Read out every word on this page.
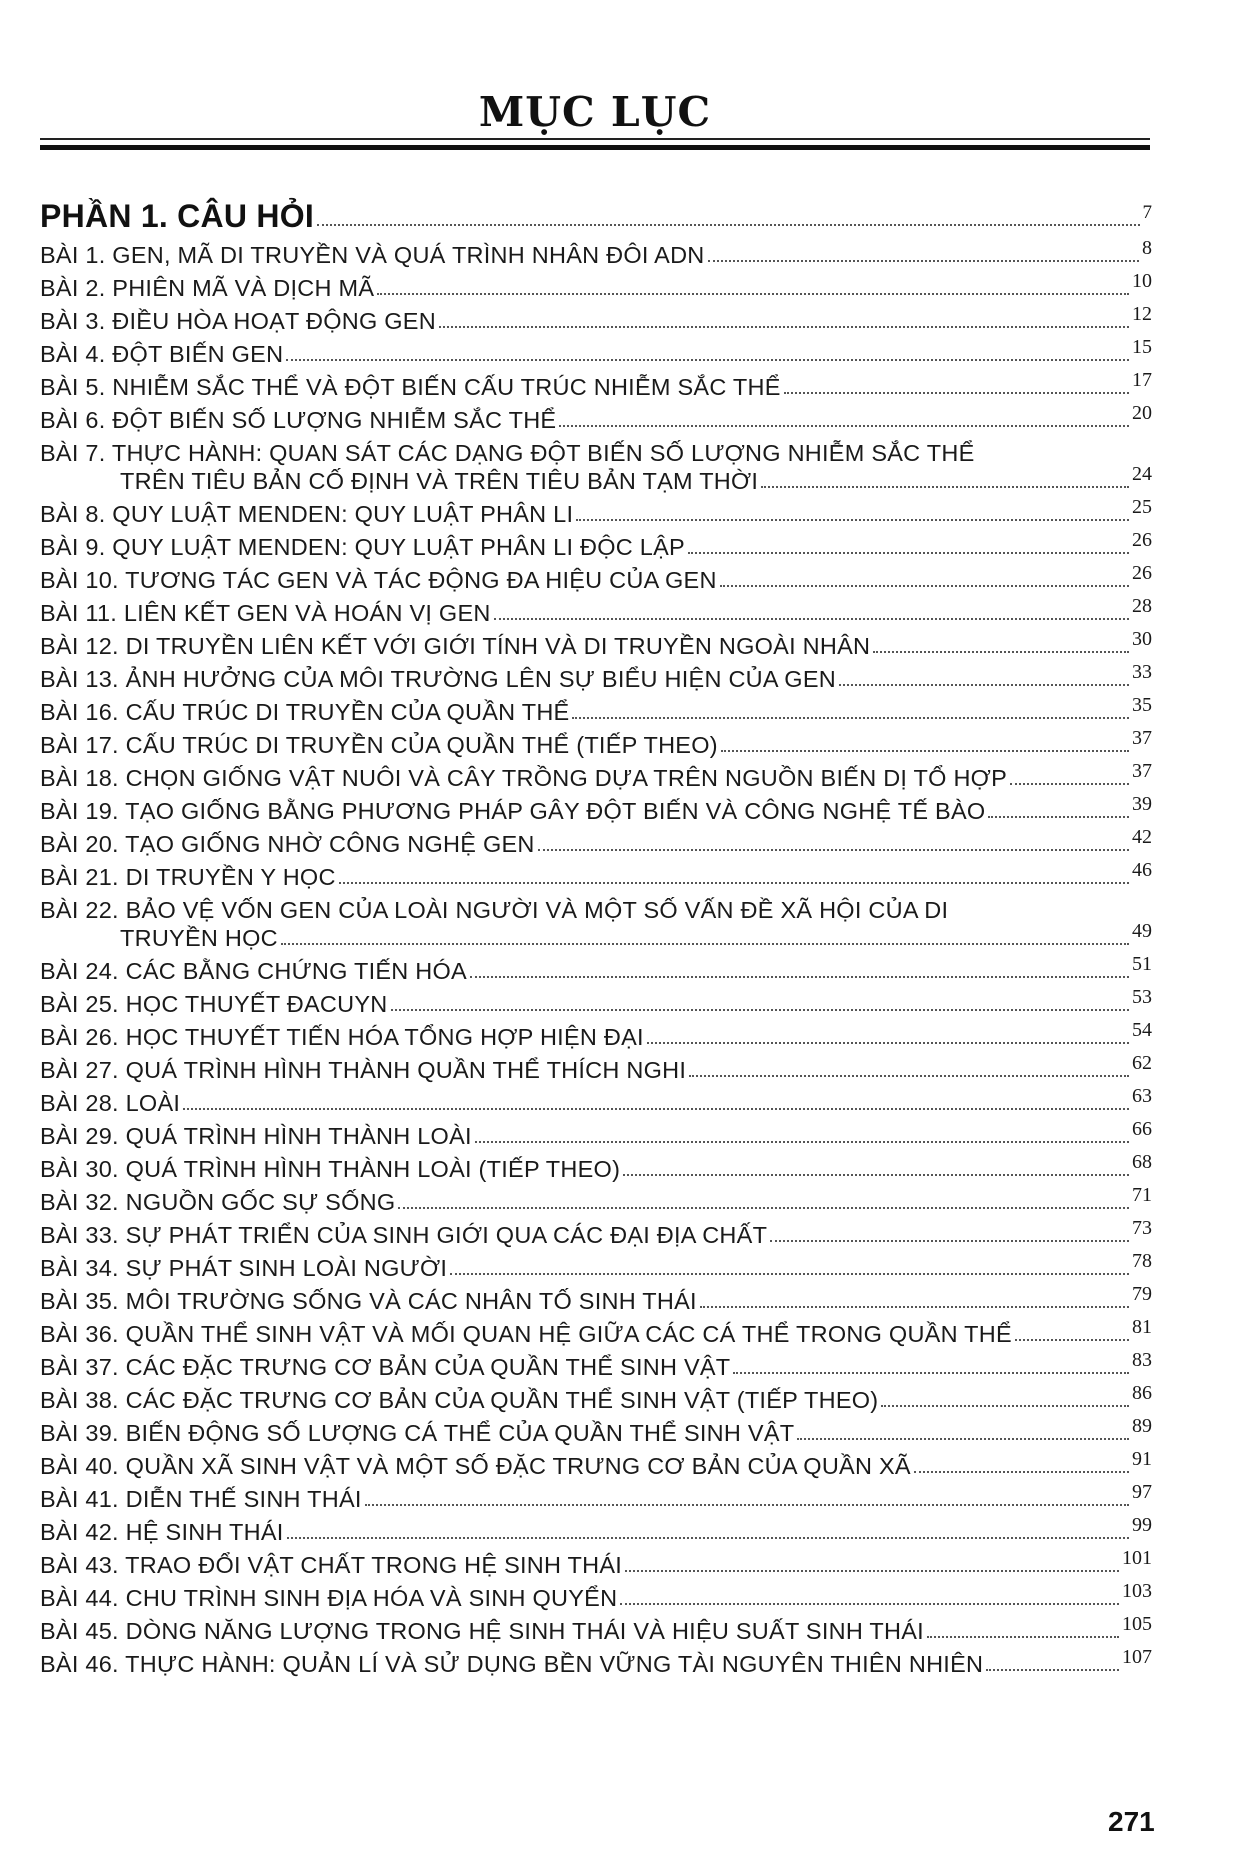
MỤC LỤC
PHẦN 1. CÂU HỎI	7
BÀI 1. GEN, MÃ DI TRUYỀN VÀ QUÁ TRÌNH NHÂN ĐÔI ADN	8
BÀI 2. PHIÊN MÃ VÀ DỊCH MÃ	10
BÀI 3. ĐIỀU HÒA HOẠT ĐỘNG GEN	12
BÀI 4. ĐỘT BIẾN GEN	15
BÀI 5. NHIỄM SẮC THỂ VÀ ĐỘT BIẾN CẤU TRÚC NHIỄM SẮC THỂ	17
BÀI 6. ĐỘT BIẾN SỐ LƯỢNG NHIỄM SẮC THỂ	20
BÀI 7. THỰC HÀNH: QUAN SÁT CÁC DẠNG ĐỘT BIẾN SỐ LƯỢNG NHIỄM SẮC THỂ
TRÊN TIÊU BẢN CỐ ĐỊNH VÀ TRÊN TIÊU BẢN TẠM THỜI	24
BÀI 8. QUY LUẬT MENDEN: QUY LUẬT PHÂN LI	25
BÀI 9. QUY LUẬT MENDEN: QUY LUẬT PHÂN LI ĐỘC LẬP	26
BÀI 10. TƯƠNG TÁC GEN VÀ TÁC ĐỘNG ĐA HIỆU CỦA GEN	26
BÀI 11. LIÊN KẾT GEN VÀ HOÁN VỊ GEN	28
BÀI 12. DI TRUYỀN LIÊN KẾT VỚI GIỚI TÍNH VÀ DI TRUYỀN NGOÀI NHÂN	30
BÀI 13. ẢNH HƯỞNG CỦA MÔI TRƯỜNG LÊN SỰ BIỂU HIỆN CỦA GEN	33
BÀI 16. CẤU TRÚC DI TRUYỀN CỦA QUẦN THỂ	35
BÀI 17. CẤU TRÚC DI TRUYỀN CỦA QUẦN THỂ (TIẾP THEO)	37
BÀI 18. CHỌN GIỐNG VẬT NUÔI VÀ CÂY TRỒNG DỰA TRÊN NGUỒN BIẾN DỊ TỔ HỢP	37
BÀI 19. TẠO GIỐNG BẰNG PHƯƠNG PHÁP GÂY ĐỘT BIẾN VÀ CÔNG NGHỆ TẾ BÀO	39
BÀI 20. TẠO GIỐNG NHỜ CÔNG NGHỆ GEN	42
BÀI 21. DI TRUYỀN Y HỌC	46
BÀI 22. BẢO VỆ VỐN GEN CỦA LOÀI NGƯỜI VÀ MỘT SỐ VẤN ĐỀ XÃ HỘI CỦA DI
TRUYỀN HỌC	49
BÀI 24. CÁC BẰNG CHỨNG TIẾN HÓA	51
BÀI 25. HỌC THUYẾT ĐACUYN	53
BÀI 26. HỌC THUYẾT TIẾN HÓA TỔNG HỢP HIỆN ĐẠI	54
BÀI 27. QUÁ TRÌNH HÌNH THÀNH QUẦN THỂ THÍCH NGHI	62
BÀI 28. LOÀI	63
BÀI 29. QUÁ TRÌNH HÌNH THÀNH LOÀI	66
BÀI 30. QUÁ TRÌNH HÌNH THÀNH LOÀI (TIẾP THEO)	68
BÀI 32. NGUỒN GỐC SỰ SỐNG	71
BÀI 33. SỰ PHÁT TRIỂN CỦA SINH GIỚI QUA CÁC ĐẠI ĐỊA CHẤT	73
BÀI 34. SỰ PHÁT SINH LOÀI NGƯỜI	78
BÀI 35. MÔI TRƯỜNG SỐNG VÀ CÁC NHÂN TỐ SINH THÁI	79
BÀI 36. QUẦN THỂ SINH VẬT VÀ MỐI QUAN HỆ GIỮA CÁC CÁ THỂ TRONG QUẦN THỂ	81
BÀI 37. CÁC ĐẶC TRƯNG CƠ BẢN CỦA QUẦN THỂ SINH VẬT	83
BÀI 38. CÁC ĐẶC TRƯNG CƠ BẢN CỦA QUẦN THỂ SINH VẬT (TIẾP THEO)	86
BÀI 39. BIẾN ĐỘNG SỐ LƯỢNG CÁ THỂ CỦA QUẦN THỂ SINH VẬT	89
BÀI 40. QUẦN XÃ SINH VẬT VÀ MỘT SỐ ĐẶC TRƯNG CƠ BẢN CỦA QUẦN XÃ	91
BÀI 41. DIỄN THẾ SINH THÁI	97
BÀI 42. HỆ SINH THÁI	99
BÀI 43. TRAO ĐỔI VẬT CHẤT TRONG HỆ SINH THÁI	101
BÀI 44. CHU TRÌNH SINH ĐỊA HÓA VÀ SINH QUYỂN	103
BÀI 45. DÒNG NĂNG LƯỢNG TRONG HỆ SINH THÁI VÀ HIỆU SUẤT SINH THÁI	105
BÀI 46. THỰC HÀNH: QUẢN LÍ VÀ SỬ DỤNG BỀN VỮNG TÀI NGUYÊN THIÊN NHIÊN	107
271
